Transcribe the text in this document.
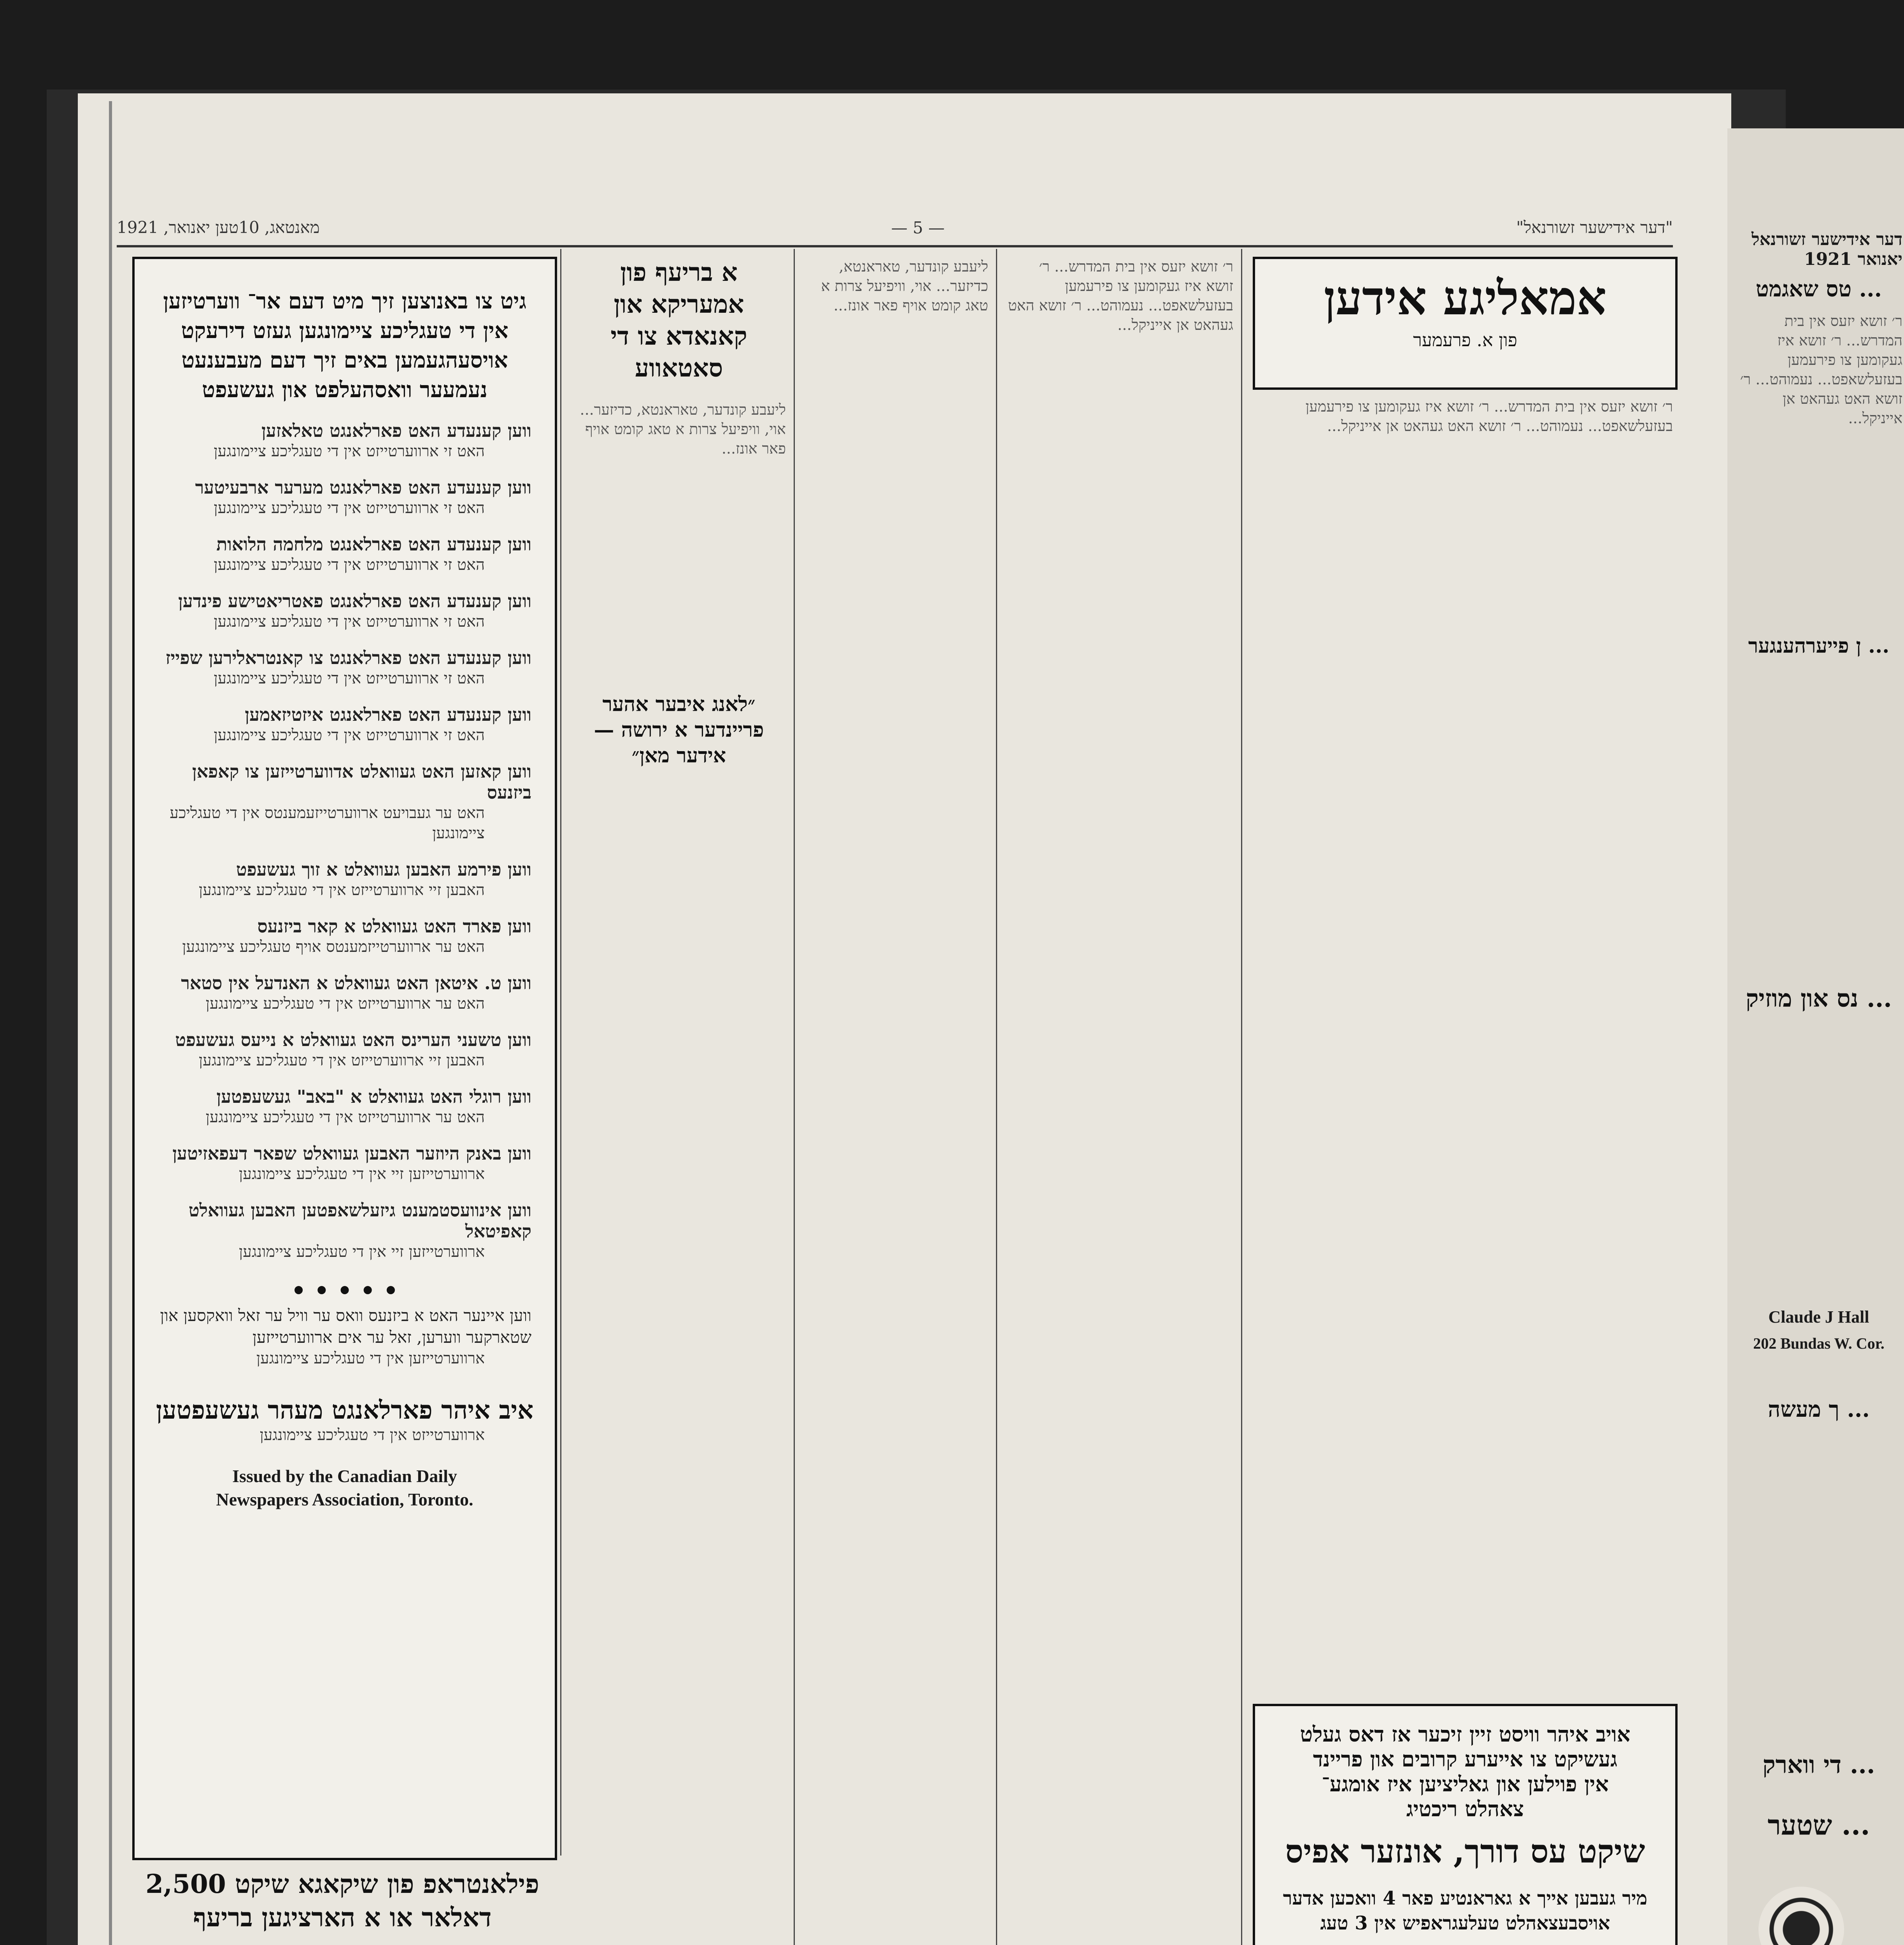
"דער אידישער זשורנאל"
— 5 —
מאנטאג, 10טען יאנואר, 1921
אמאליגע אידען
פון א. פרעמער
ר׳ זושא יזעס אין בית המדרש... ר׳ זושא איז געקומען צו פירעמען בעזעלשאפט... נעמוהט... ר׳ זושא האט געהאט אן אייניקל...
ר׳ זושא יזעס אין בית המדרש... ר׳ זושא איז געקומען צו פירעמען בעזעלשאפט... נעמוהט... ר׳ זושא האט געהאט אן אייניקל...
א בריעף פון אמעריקא און קאנאדא צו די סאטאווע
ליעבע קונדער, טאראנטא, כדיזער... אוי, וויפיעל צרות א טאג קומט אויף פאר אונז...
״לאנג איבער אהער פריינדער א ירושה — אידער מאן״
ליעבע קונדער, טאראנטא, כדיזער... אוי, וויפיעל צרות א טאג קומט אויף פאר אונז...
גיט צו באנוצען זיך מיט דעם אר־ ווערטיזען אין די טעגליכע ציימונגען געזט דירעקט אויסעהגעמען באים זיך דעם מעבענעט נעמעער וואסהעלפט און געשעפט
ווען קענעדע האט פארלאנגט טאלאזען
האט זי ארווערטייזט אין די טעגליכע ציימונגען
ווען קענעדע האט פארלאנגט מערער ארבעיטער
האט זי ארווערטייזט אין די טעגליכע ציימונגען
ווען קענעדע האט פארלאנגט מלחמה הלואות
האט זי ארווערטייזט אין די טעגליכע ציימונגען
ווען קענעדע האט פארלאנגט פאטריאטישע פינדען
האט זי ארווערטייזט אין די טעגליכע ציימונגען
ווען קענעדע האט פארלאנגט צו קאנטראלירען שפייז
האט זי ארווערטייזט אין די טעגליכע ציימונגען
ווען קענעדע האט פארלאנגט איזטיזאמען
האט זי ארווערטייזט אין די טעגליכע ציימונגען
ווען קאזען האט געוואלט אדווערטייזען צו קאפאן ביזנעס
האט ער געבויעט ארווערטייזעמענטס אין די טעגליכע ציימונגען
ווען פירמע האבען געוואלט א זוך געשעפט
האבען זיי ארווערטייזט אין די טעגליכע ציימונגען
ווען פארד האט געוואלט א קאר ביזנעס
האט ער ארווערטייזמענטס אויף טעגליכע ציימונגען
ווען ט. איטאן האט געוואלט א האנדעל אין סטאר
האט ער ארווערטייזט אין די טעגליכע ציימונגען
ווען טשעני הערינס האט געוואלט א נייעס געשעפט
האבען זיי ארווערטייזט אין די טעגליכע ציימונגען
ווען רוגלי האט געוואלט א "באב" געשעפטען
האט ער ארווערטייזט אין די טעגליכע ציימונגען
ווען באנק היוזער האבען געוואלט שפאר דעפאזיטען
ארווערטייזען זיי אין די טעגליכע ציימונגען
ווען אינוועסטמענט גיזעלשאפטען האבען געוואלט קאפיטאל
ארווערטייזען זיי אין די טעגליכע ציימונגען
• • • • •
ווען איינער האט א ביזנעס וואס ער וויל ער זאל וואקסען און שטארקער ווערען, זאל ער אים ארווערטייזען
ארווערטייזען אין די טעגליכע ציימונגען
איב איהר פארלאנגט מעהר געשעפטען
ארווערטייזט אין די טעגליכע ציימונגען
Issued by the Canadian Daily Newspapers Association, Toronto.
פילאנטראפ פון שיקאגא שיקט 2,500 דאלאר או א הארציגען בריעף
אויב איהר וויסט זיין זיכער אז דאס געלט
געשיקט צו אייערע קרובים און פריינד
אין פוילען און גאליציען איז אומגע־
צאהלט ריכטיג
שיקט עס דורך, אונזער אפיס
מיר געבען אייך א גאראנטיע פאר 4 וואכען אדער אויסבעצאהלט טעלעגראפיש אין 3 טעג
דער אידישער זשורנאל יאנואר 1921
... טס שאגמט
ר׳ זושא יזעס אין בית המדרש... ר׳ זושא איז געקומען צו פירעמען בעזעלשאפט... נעמוהט... ר׳ זושא האט געהאט אן אייניקל...
... ן פייערהענגער
... נס און מוזיק
Claude J Hall
202 Bundas W. Cor.
... ך מעשה
... די ווארק
... שטער
